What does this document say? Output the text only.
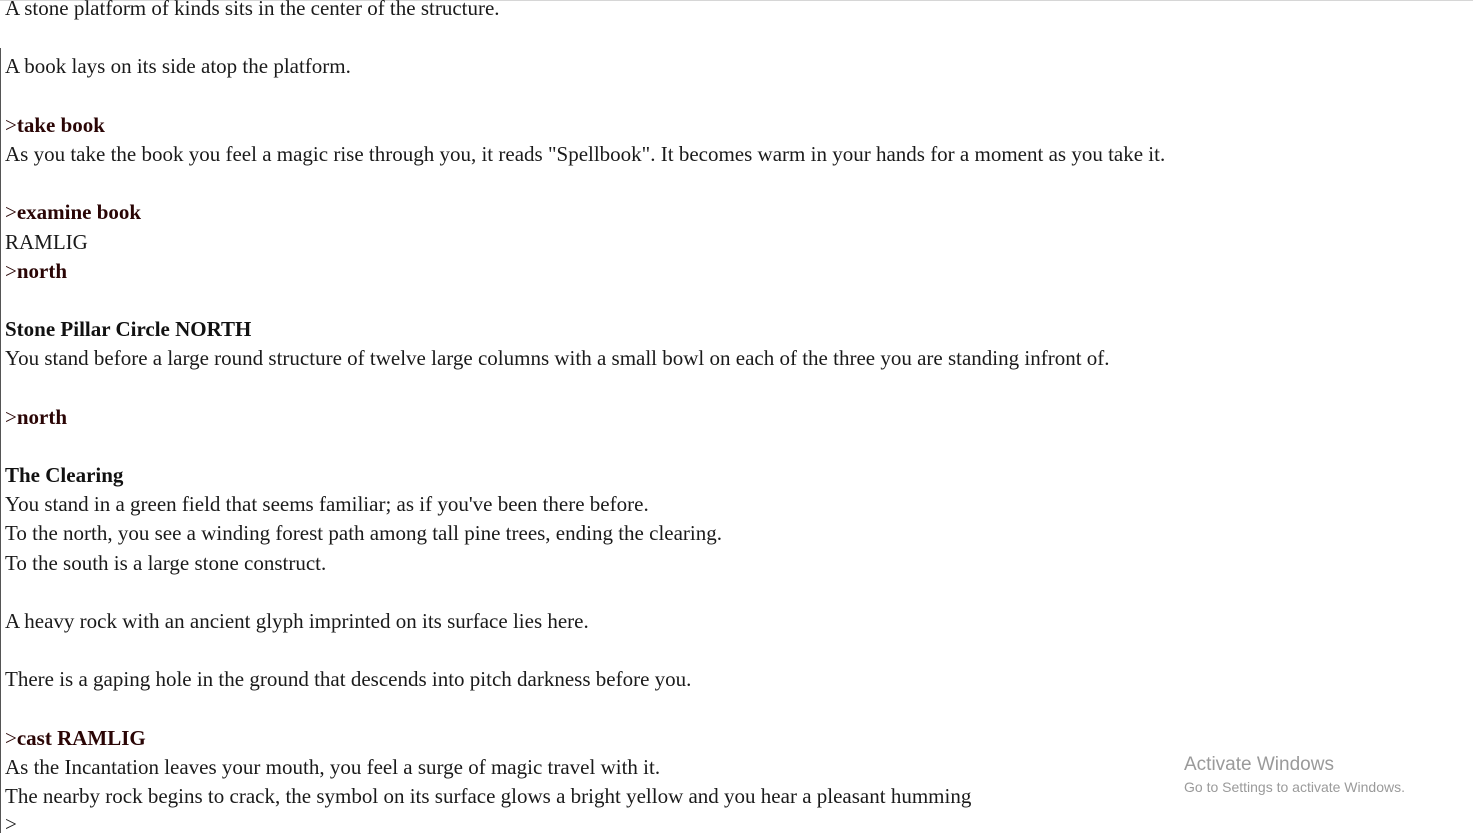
A stone platform of kinds sits in the center of the structure.

A book lays on its side atop the platform.

>take book
As you take the book you feel a magic rise through you, it reads "Spellbook". It becomes warm in your hands for a moment as you take it.

>examine book
RAMLIG
>north

Stone Pillar Circle NORTH
You stand before a large round structure of twelve large columns with a small bowl on each of the three you are standing infront of.

>north

The Clearing
You stand in a green field that seems familiar; as if you've been there before.
To the north, you see a winding forest path among tall pine trees, ending the clearing.
To the south is a large stone construct.

A heavy rock with an ancient glyph imprinted on its surface lies here.

There is a gaping hole in the ground that descends into pitch darkness before you.

>cast RAMLIG
As the Incantation leaves your mouth, you feel a surge of magic travel with it.
The nearby rock begins to crack, the symbol on its surface glows a bright yellow and you hear a pleasant humming
>
Activate Windows
Go to Settings to activate Windows.
